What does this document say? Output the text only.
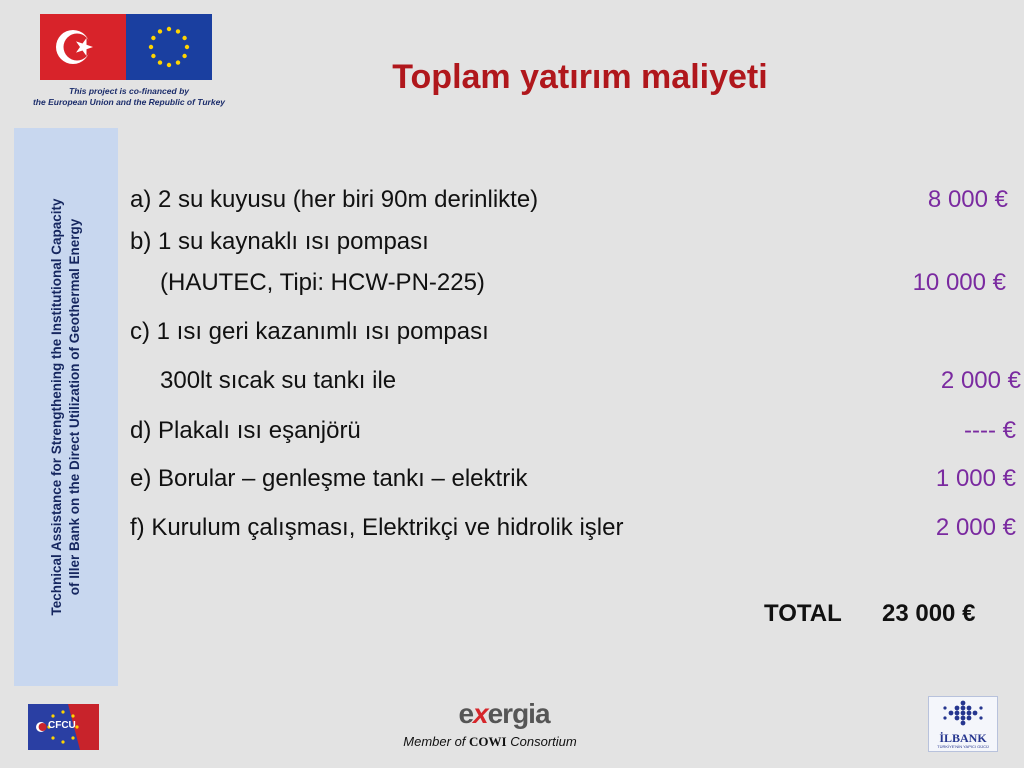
This project is co-financed by
the European Union and the Republic of Turkey
Toplam yatırım maliyeti
Technical Assistance for Strengthening the Institutional Capacity of Iller Bank on the Direct Utilization of Geothermal Energy
a) 2 su kuyusu (her biri 90m derinlikte)	8 000 €
b) 1 su kaynaklı ısı pompası
(HAUTEC, Tipi: HCW-PN-225)	10 000 €
c) 1 ısı geri kazanımlı ısı pompası
300lt sıcak su tankı ile	2 000 €
d) Plakalı ısı eşanjörü	---- €
e) Borular – genleşme tankı – elektrik	1 000 €
f) Kurulum çalışması, Elektrikçi ve hidrolik işler	2 000 €
TOTAL 23 000 €
CFCU	exergia
Member of COWI Consortium	İLBANK
TÜRKİYE'NİN YAPICI GÜCÜ
